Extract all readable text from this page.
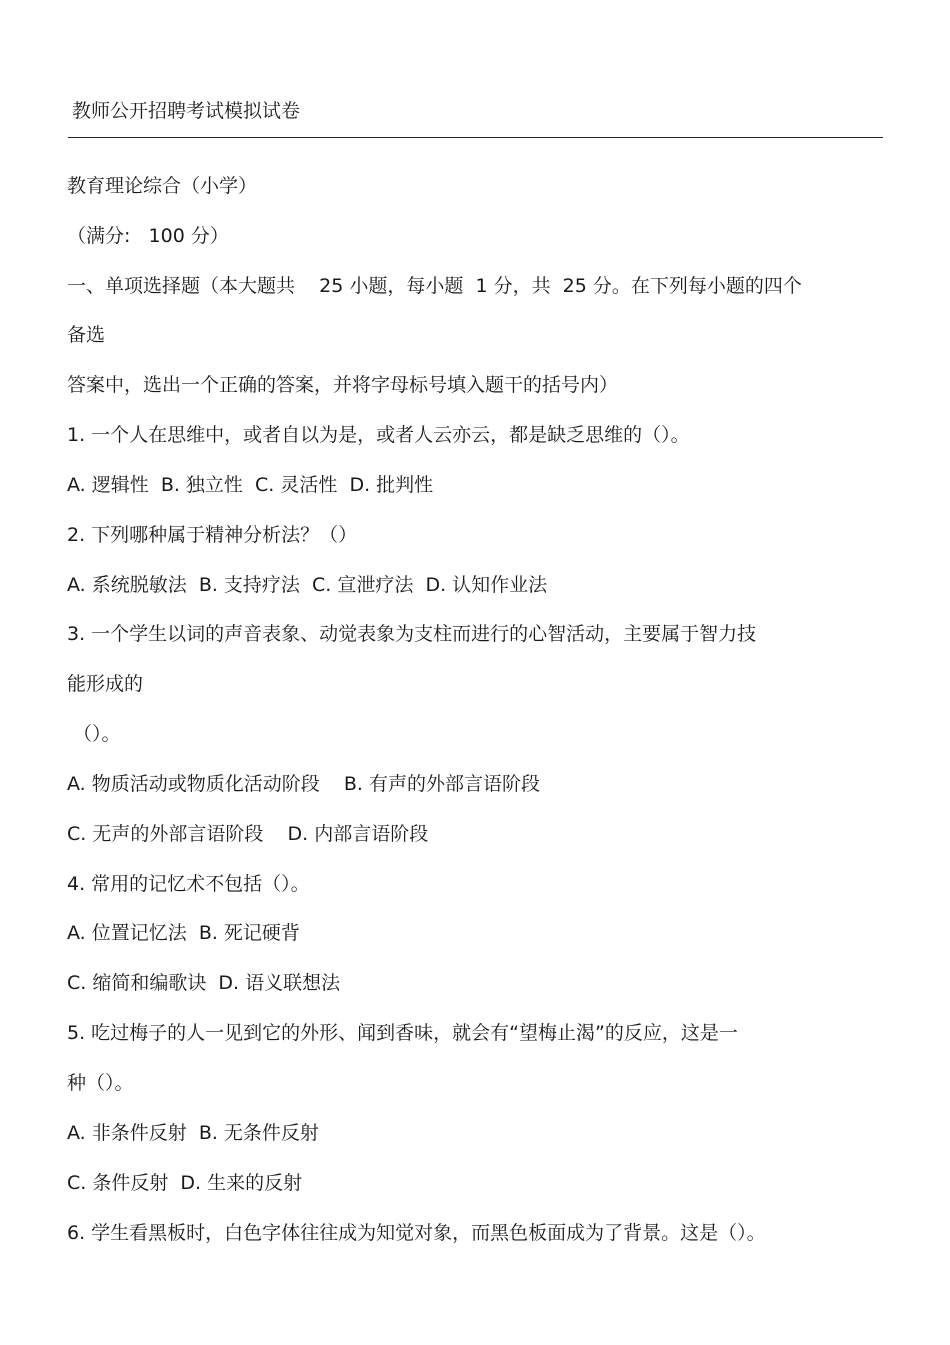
教师公开招聘考试模拟试卷
教育理论综合（小学）
（满分:   100 分）
一、单项选择题（本大题共    25 小题，每小题  1 分，共  25 分。在下列每小题的四个
备选
答案中，选出一个正确的答案，并将字母标号填入题干的括号内）
1. 一个人在思维中，或者自以为是，或者人云亦云，都是缺乏思维的（）。
A. 逻辑性  B. 独立性  C. 灵活性  D. 批判性
2. 下列哪种属于精神分析法？（）
A. 系统脱敏法  B. 支持疗法  C. 宣泄疗法  D. 认知作业法
3. 一个学生以词的声音表象、动觉表象为支柱而进行的心智活动，主要属于智力技
能形成的
（）。
A. 物质活动或物质化活动阶段    B. 有声的外部言语阶段
C. 无声的外部言语阶段    D. 内部言语阶段
4. 常用的记忆术不包括（）。
A. 位置记忆法  B. 死记硬背
C. 缩简和编歌诀  D. 语义联想法
5. 吃过梅子的人一见到它的外形、闻到香味，就会有“望梅止渴”的反应，这是一
种（）。
A. 非条件反射  B. 无条件反射
C. 条件反射  D. 生来的反射
6. 学生看黑板时，白色字体往往成为知觉对象，而黑色板面成为了背景。这是（）。
